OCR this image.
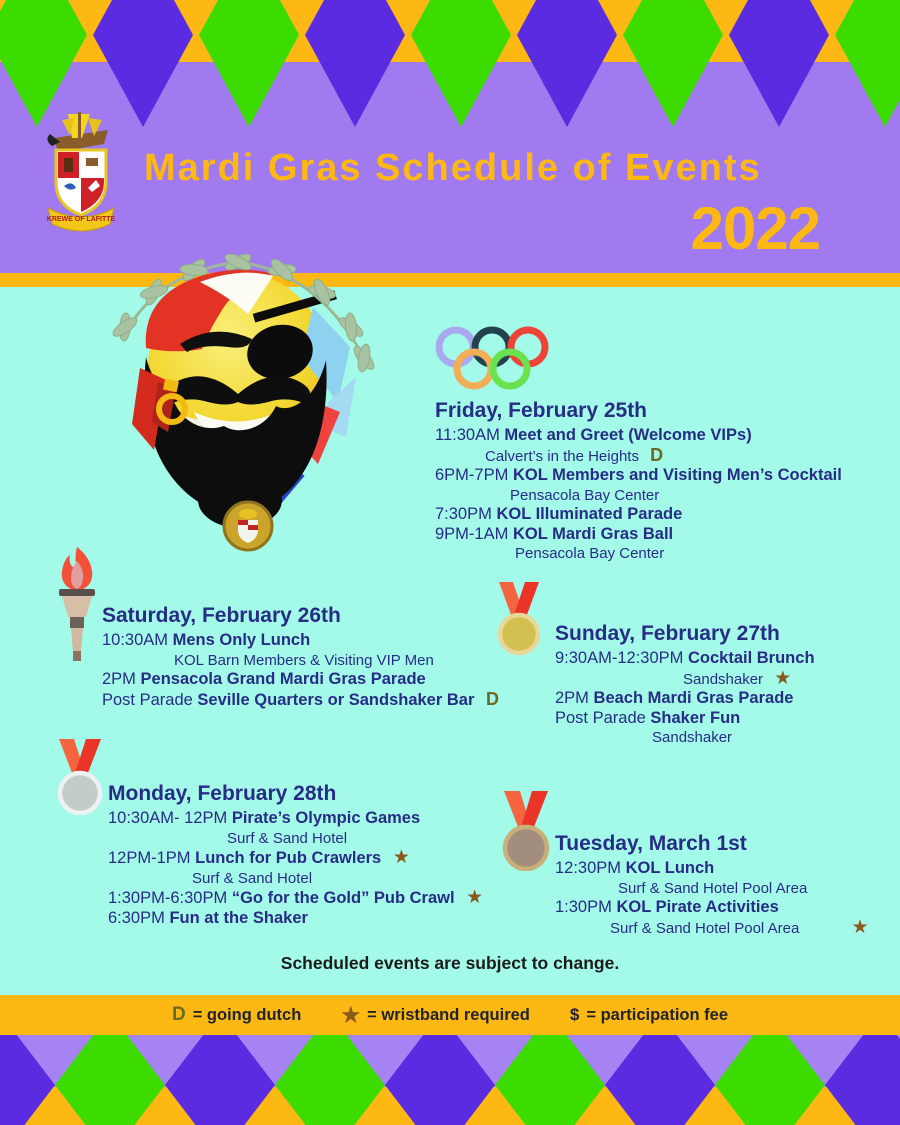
KREWE OF LAFITTE
Mardi Gras Schedule of Events
2022
Friday, February 25th
11:30AM Meet and Greet (Welcome VIPs)
Calvert’s in the Heights D
6PM-7PM KOL Members and Visiting Men’s Cocktail
Pensacola Bay Center
7:30PM KOL Illuminated Parade
9PM-1AM KOL Mardi Gras Ball
Pensacola Bay Center
Saturday, February 26th
10:30AM Mens Only Lunch
KOL Barn Members & Visiting VIP Men
2PM Pensacola Grand Mardi Gras Parade
Post Parade Seville Quarters or Sandshaker Bar D
Sunday, February 27th
9:30AM-12:30PM Cocktail Brunch
Sandshaker ★
2PM Beach Mardi Gras Parade
Post Parade Shaker Fun
Sandshaker
Monday, February 28th
10:30AM- 12PM Pirate’s Olympic Games
Surf & Sand Hotel
12PM-1PM Lunch for Pub Crawlers ★
Surf & Sand Hotel
1:30PM-6:30PM “Go for the Gold” Pub Crawl ★
6:30PM Fun at the Shaker
Tuesday, March 1st
12:30PM KOL Lunch
Surf & Sand Hotel Pool Area
1:30PM KOL Pirate Activities
Surf & Sand Hotel Pool Area	★
Scheduled events are subject to change.
D = going dutch ★ = wristband required $ = participation fee
